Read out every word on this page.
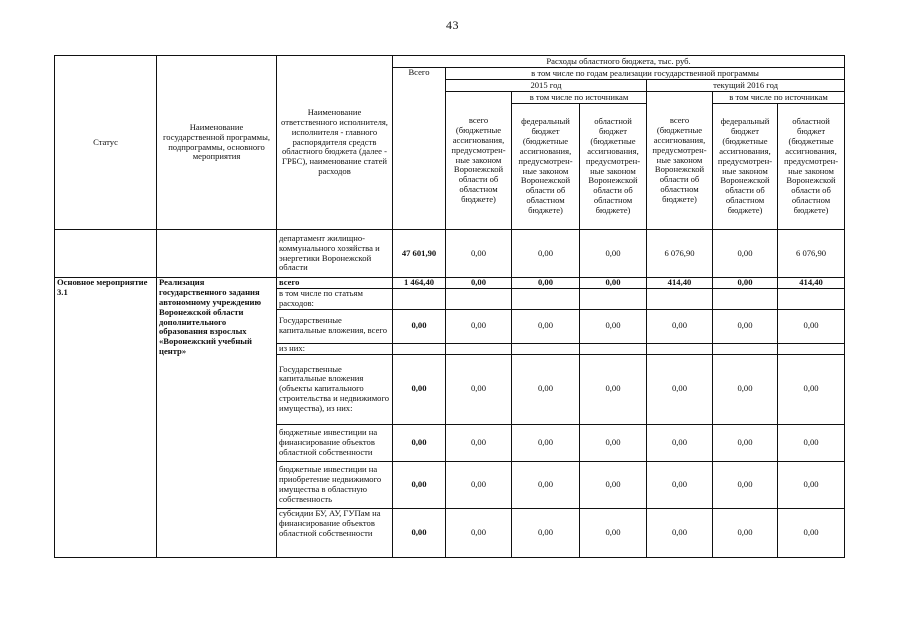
43
Статус	Наименование государственной программы, подпрограммы, основного мероприятия	Наименование ответственного исполнителя, исполнителя - главного распорядителя средств областного бюджета (далее - ГРБС), наименование статей расходов	Расходы областного бюджета, тыс. руб.						
			Всего	в том числе по годам реализации государственной программы					
				2015 год			текущий 2016 год		
				всего (бюджетные ассигнования, предусмотрен-ные законом Воронежской области об областном бюджете)	в том числе по источникам		всего (бюджетные ассигнования, предусмотрен-ные законом Воронежской области об областном бюджете)	в том числе по источникам	
					федеральный бюджет (бюджетные ассигнования, предусмотрен-ные законом Воронежской области об областном бюджете)	областной бюджет (бюджетные ассигнования, предусмотрен-ные законом Воронежской области об областном бюджете)		федеральный бюджет (бюджетные ассигнования, предусмотрен-ные законом Воронежской области об областном бюджете)	областной бюджет (бюджетные ассигнования, предусмотрен-ные законом Воронежской области об областном бюджете)
		департамент жилищно-коммунального хозяйства и энергетики Воронежской области	47 601,90	0,00	0,00	0,00	6 076,90	0,00	6 076,90
Основное мероприятие 3.1	Реализация государственного задания автономному учреждению Воронежской области дополнительного образования взрослых «Воронежский учебный центр»	всего	1 464,40	0,00	0,00	0,00	414,40	0,00	414,40
		в том числе по статьям расходов:							
		Государственные капитальные вложения, всего	0,00	0,00	0,00	0,00	0,00	0,00	0,00
		из них:							
		Государственные капитальные вложения (объекты капитального строительства и недвижимого имущества), из них:	0,00	0,00	0,00	0,00	0,00	0,00	0,00
		бюджетные инвестиции на финансирование объектов областной собственности	0,00	0,00	0,00	0,00	0,00	0,00	0,00
		бюджетные инвестиции на приобретение недвижимого имущества в областную собственность	0,00	0,00	0,00	0,00	0,00	0,00	0,00
		субсидии БУ, АУ, ГУПам на финансирование объектов областной собственности	0,00	0,00	0,00	0,00	0,00	0,00	0,00
